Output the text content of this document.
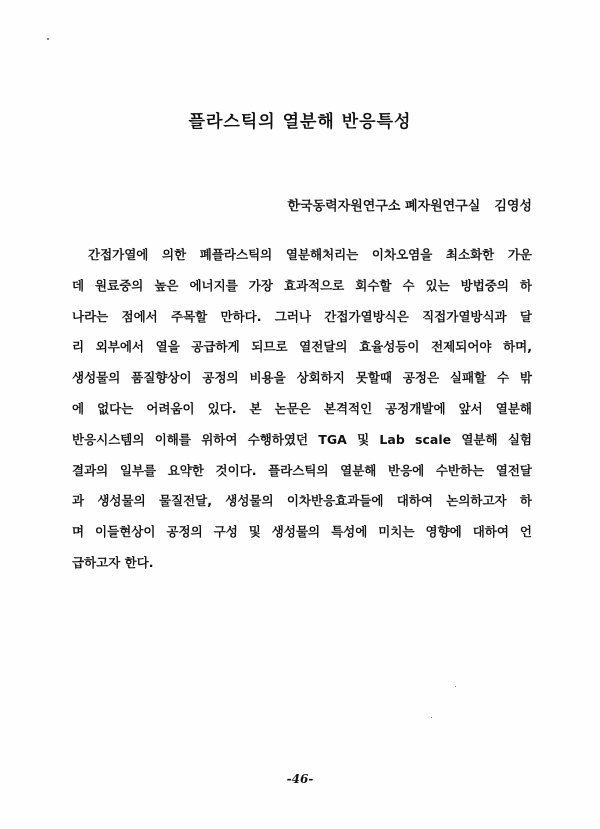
플라스틱의 열분해 반응특성
한국동력자원연구소 폐자원연구실 김영성
간접가열에 의한 폐플라스틱의 열분해처리는 이차오염을 최소화한 가운
데 원료중의 높은 에너지를 가장 효과적으로 회수할 수 있는 방법중의 하
나라는 점에서 주목할 만하다. 그러나 간접가열방식은 직접가열방식과 달
리 외부에서 열을 공급하게 되므로 열전달의 효율성등이 전제되어야 하며,
생성물의 품질향상이 공정의 비용을 상회하지 못할때 공정은 실패할 수 밖
에 없다는 어려움이 있다. 본 논문은 본격적인 공정개발에 앞서 열분해
반응시스템의 이해를 위하여 수행하였던 TGA 및 Lab scale 열분해 실험
결과의 일부를 요약한 것이다. 플라스틱의 열분해 반응에 수반하는 열전달
과 생성물의 물질전달, 생성물의 이차반응효과들에 대하여 논의하고자 하
며 이들현상이 공정의 구성 및 생성물의 특성에 미치는 영향에 대하여 언
급하고자 한다.
-46-
